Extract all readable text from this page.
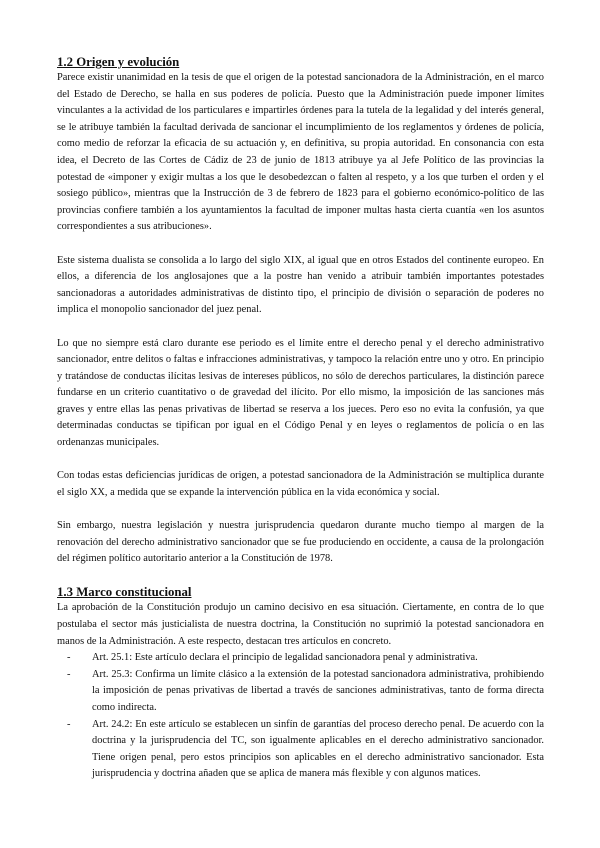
1.2 Origen y evolución

Parece existir unanimidad en la tesis de que el origen de la potestad sancionadora de la Administración, en el marco del Estado de Derecho, se halla en sus poderes de policía. Puesto que la Administración puede imponer límites vinculantes a la actividad de los particulares e impartirles órdenes para la tutela de la legalidad y del interés general, se le atribuye también la facultad derivada de sancionar el incumplimiento de los reglamentos y órdenes de policía, como medio de reforzar la eficacia de su actuación y, en definitiva, su propia autoridad. En consonancia con esta idea, el Decreto de las Cortes de Cádiz de 23 de junio de 1813 atribuye ya al Jefe Político de las provincias la potestad de «imponer y exigir multas a los que le desobedezcan o falten al respeto, y a los que turben el orden y el sosiego público», mientras que la Instrucción de 3 de febrero de 1823 para el gobierno económico-político de las provincias confiere también a los ayuntamientos la facultad de imponer multas hasta cierta cuantía «en los asuntos correspondientes a sus atribuciones».

Este sistema dualista se consolida a lo largo del siglo XIX, al igual que en otros Estados del continente europeo. En ellos, a diferencia de los anglosajones que a la postre han venido a atribuir también importantes potestades sancionadoras a autoridades administrativas de distinto tipo, el principio de división o separación de poderes no implica el monopolio sancionador del juez penal.

Lo que no siempre está claro durante ese periodo es el límite entre el derecho penal y el derecho administrativo sancionador, entre delitos o faltas e infracciones administrativas, y tampoco la relación entre uno y otro. En principio y tratándose de conductas ilícitas lesivas de intereses públicos, no sólo de derechos particulares, la distinción parece fundarse en un criterio cuantitativo o de gravedad del ilícito. Por ello mismo, la imposición de las sanciones más graves y entre ellas las penas privativas de libertad se reserva a los jueces. Pero eso no evita la confusión, ya que determinadas conductas se tipifican por igual en el Código Penal y en leyes o reglamentos de policía o en las ordenanzas municipales.

Con todas estas deficiencias jurídicas de origen, a potestad sancionadora de la Administración se multiplica durante el siglo XX, a medida que se expande la intervención pública en la vida económica y social.

Sin embargo, nuestra legislación y nuestra jurisprudencia quedaron durante mucho tiempo al margen de la renovación del derecho administrativo sancionador que se fue produciendo en occidente, a causa de la prolongación del régimen político autoritario anterior a la Constitución de 1978.

1.3 Marco constitucional

La aprobación de la Constitución produjo un camino decisivo en esa situación. Ciertamente, en contra de lo que postulaba el sector más justicialista de nuestra doctrina, la Constitución no suprimió la potestad sancionadora en manos de la Administración. A este respecto, destacan tres artículos en concreto.

- Art. 25.1: Este artículo declara el principio de legalidad sancionadora penal y administrativa.
- Art. 25.3: Confirma un límite clásico a la extensión de la potestad sancionadora administrativa, prohibiendo la imposición de penas privativas de libertad a través de sanciones administrativas, tanto de forma directa como indirecta.
- Art. 24.2: En este artículo se establecen un sinfín de garantías del proceso derecho penal. De acuerdo con la doctrina y la jurisprudencia del TC, son igualmente aplicables en el derecho administrativo sancionador. Tiene origen penal, pero estos principios son aplicables en el derecho administrativo sancionador. Esta jurisprudencia y doctrina añaden que se aplica de manera más flexible y con algunos matices.
